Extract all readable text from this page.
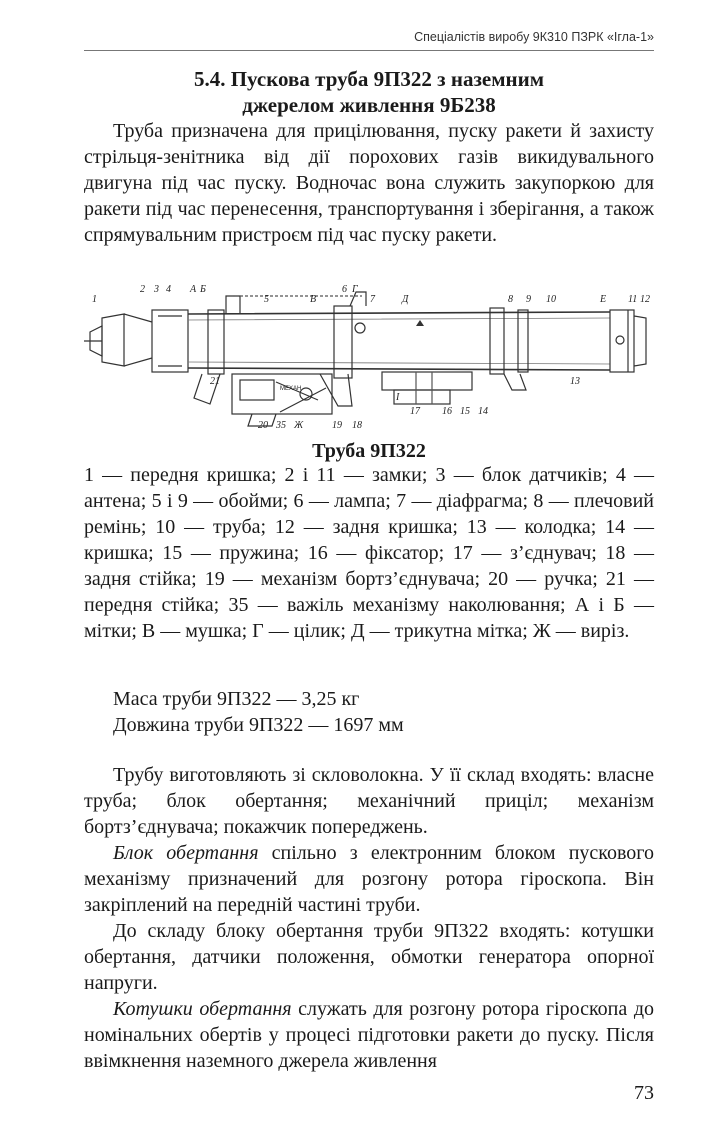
Спеціалістів виробу 9К310 ПЗРК «Ігла-1»
5.4. Пускова труба 9П322 з наземним
джерелом живлення 9Б238

Труба призначена для прицілювання, пуску ракети й захисту стрільця-зенітника від дії порохових газів викидувального двигуна під час пуску. Водночас вона служить закупоркою для ракети під час перенесення, транспортування і зберігання, а також спрямувальним пристроєм під час пуску ракети.

1
2 3 4 А Б
5	В
6 Г
7	Д	8 9 10	Е 11 12
13
21
20 35 Ж	19 18
І
17 16 15 14
МЕХАН
Труба 9П322

1 — передня кришка; 2 і 11 — замки; 3 — блок датчиків; 4 — антена; 5 і 9 — обойми; 6 — лампа; 7 — діафрагма; 8 — плечовий ремінь; 10 — труба; 12 — задня кришка; 13 — колодка; 14 — кришка; 15 — пружина; 16 — фіксатор; 17 — з’єднувач; 18 — задня стійка; 19 — механізм бортз’єднувача; 20 — ручка; 21 — передня стійка; 35 — важіль механізму наколювання; А і Б — мітки; В — мушка; Г — цілик; Д — трикутна мітка; Ж — виріз.

Маса труби 9П322 — 3,25 кг
Довжина труби 9П322 — 1697 мм

Трубу виготовляють зі скловолокна. У її склад входять: власне труба; блок обертання; механічний приціл; механізм бортз’єднувача; покажчик попереджень.

Блок обертання спільно з електронним блоком пускового механізму призначений для розгону ротора гіроскопа. Він закріплений на передній частині труби.

До складу блоку обертання труби 9П322 входять: котушки обертання, датчики положення, обмотки генератора опорної напруги.

Котушки обертання служать для розгону ротора гіроскопа до номінальних обертів у процесі підготовки ракети до пуску. Після ввімкнення наземного джерела живлення

73
